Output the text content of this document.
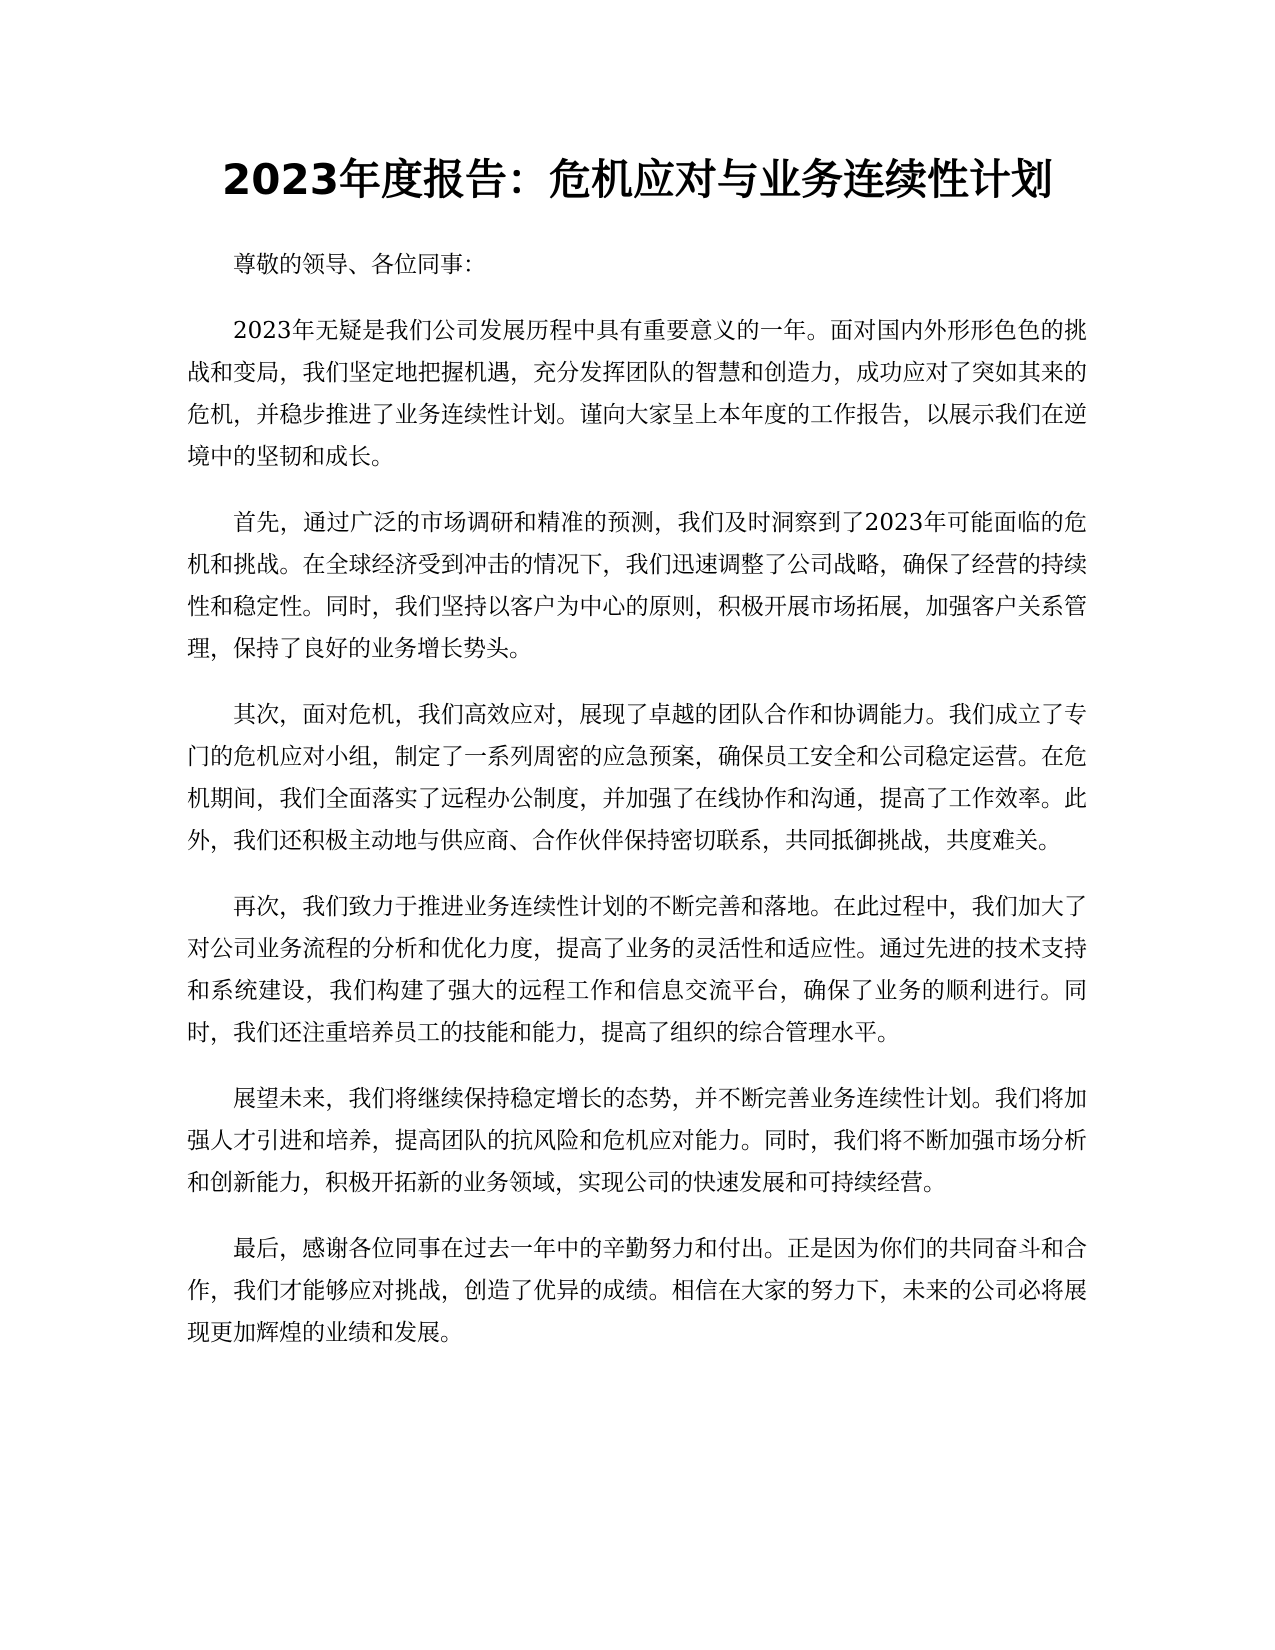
2023年度报告：危机应对与业务连续性计划

尊敬的领导、各位同事：

2023年无疑是我们公司发展历程中具有重要意义的一年。面对国内外形形色色的挑战和变局，我们坚定地把握机遇，充分发挥团队的智慧和创造力，成功应对了突如其来的危机，并稳步推进了业务连续性计划。谨向大家呈上本年度的工作报告，以展示我们在逆境中的坚韧和成长。

首先，通过广泛的市场调研和精准的预测，我们及时洞察到了2023年可能面临的危机和挑战。在全球经济受到冲击的情况下，我们迅速调整了公司战略，确保了经营的持续性和稳定性。同时，我们坚持以客户为中心的原则，积极开展市场拓展，加强客户关系管理，保持了良好的业务增长势头。

其次，面对危机，我们高效应对，展现了卓越的团队合作和协调能力。我们成立了专门的危机应对小组，制定了一系列周密的应急预案，确保员工安全和公司稳定运营。在危机期间，我们全面落实了远程办公制度，并加强了在线协作和沟通，提高了工作效率。此外，我们还积极主动地与供应商、合作伙伴保持密切联系，共同抵御挑战，共度难关。

再次，我们致力于推进业务连续性计划的不断完善和落地。在此过程中，我们加大了对公司业务流程的分析和优化力度，提高了业务的灵活性和适应性。通过先进的技术支持和系统建设，我们构建了强大的远程工作和信息交流平台，确保了业务的顺利进行。同时，我们还注重培养员工的技能和能力，提高了组织的综合管理水平。

展望未来，我们将继续保持稳定增长的态势，并不断完善业务连续性计划。我们将加强人才引进和培养，提高团队的抗风险和危机应对能力。同时，我们将不断加强市场分析和创新能力，积极开拓新的业务领域，实现公司的快速发展和可持续经营。

最后，感谢各位同事在过去一年中的辛勤努力和付出。正是因为你们的共同奋斗和合作，我们才能够应对挑战，创造了优异的成绩。相信在大家的努力下，未来的公司必将展现更加辉煌的业绩和发展。
